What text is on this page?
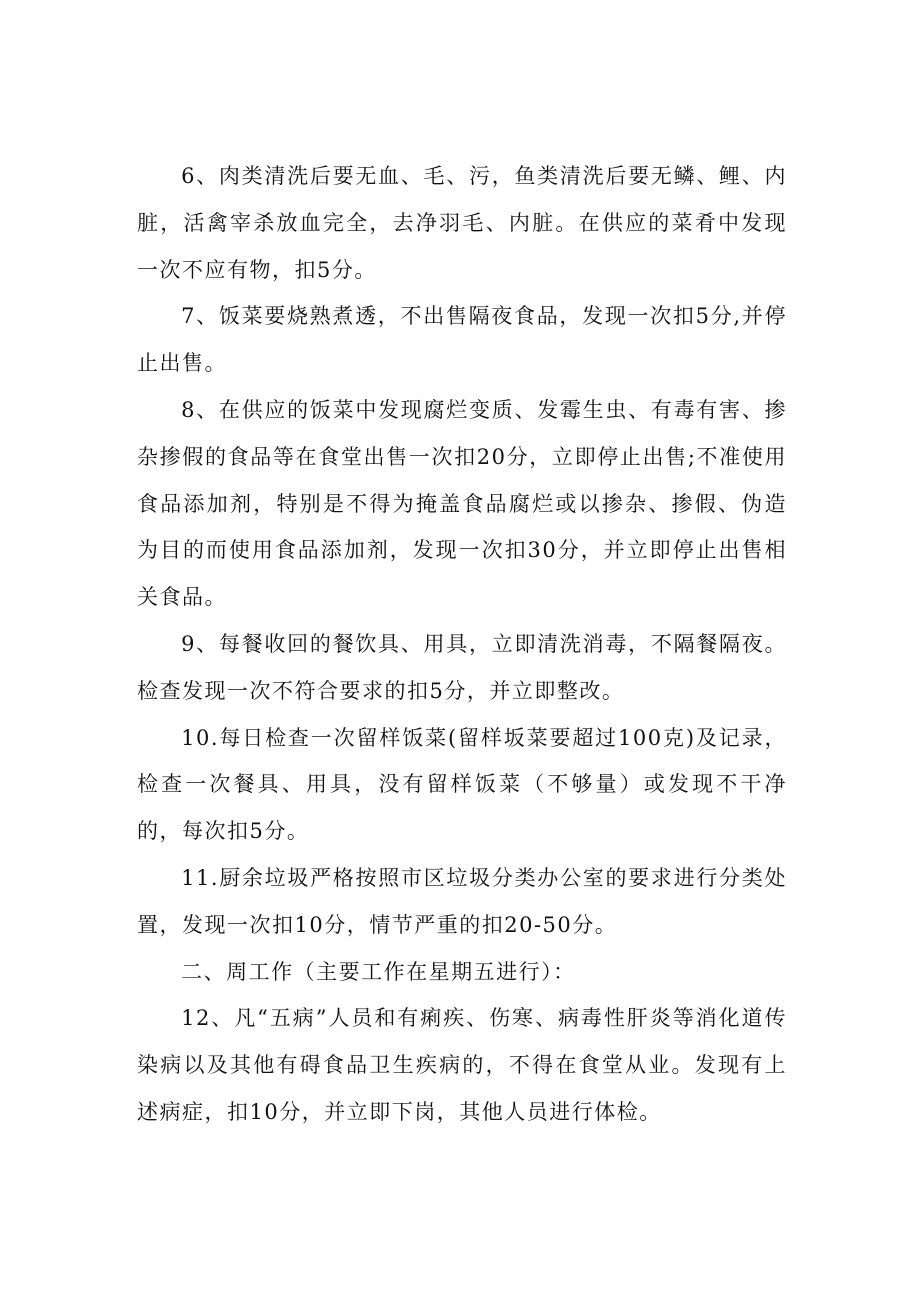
6、肉类清洗后要无血、毛、污，鱼类清洗后要无鳞、鲤、内脏，活禽宰杀放血完全，去净羽毛、内脏。在供应的菜肴中发现一次不应有物，扣5分。

7、饭菜要烧熟煮透，不出售隔夜食品，发现一次扣5分,并停止出售。

8、在供应的饭菜中发现腐烂变质、发霉生虫、有毒有害、掺杂掺假的食品等在食堂出售一次扣20分，立即停止出售;不准使用食品添加剂，特别是不得为掩盖食品腐烂或以掺杂、掺假、伪造为目的而使用食品添加剂，发现一次扣30分，并立即停止出售相关食品。

9、每餐收回的餐饮具、用具，立即清洗消毒，不隔餐隔夜。检查发现一次不符合要求的扣5分，并立即整改。

10.每日检查一次留样饭菜(留样坂菜要超过100克)及记录，检查一次餐具、用具，没有留样饭菜（不够量）或发现不干净的，每次扣5分。

11.厨余垃圾严格按照市区垃圾分类办公室的要求进行分类处置，发现一次扣10分，情节严重的扣20-50分。

二、周工作（主要工作在星期五进行）：

12、凡“五病”人员和有痢疾、伤寒、病毒性肝炎等消化道传染病以及其他有碍食品卫生疾病的，不得在食堂从业。发现有上述病症，扣10分，并立即下岗，其他人员进行体检。
